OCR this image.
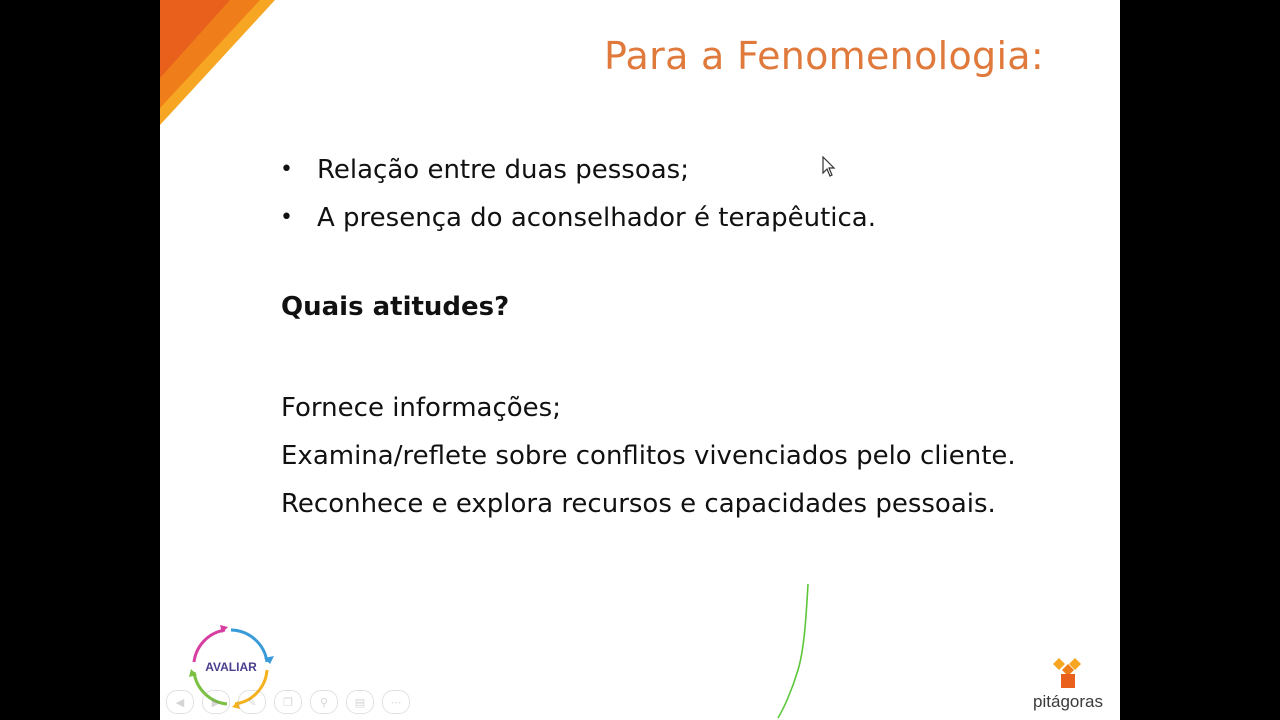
Para a Fenomenologia:
• Relação entre duas pessoas;
• A presença do aconselhador é terapêutica.
Quais atitudes?
Fornece informações;
Examina/reflete sobre conflitos vivenciados pelo cliente.
Reconhece e explora recursos e capacidades pessoais.
AVALIAR
◀	▶	✎	❐	⚲	▤	⋯	pitágoras
